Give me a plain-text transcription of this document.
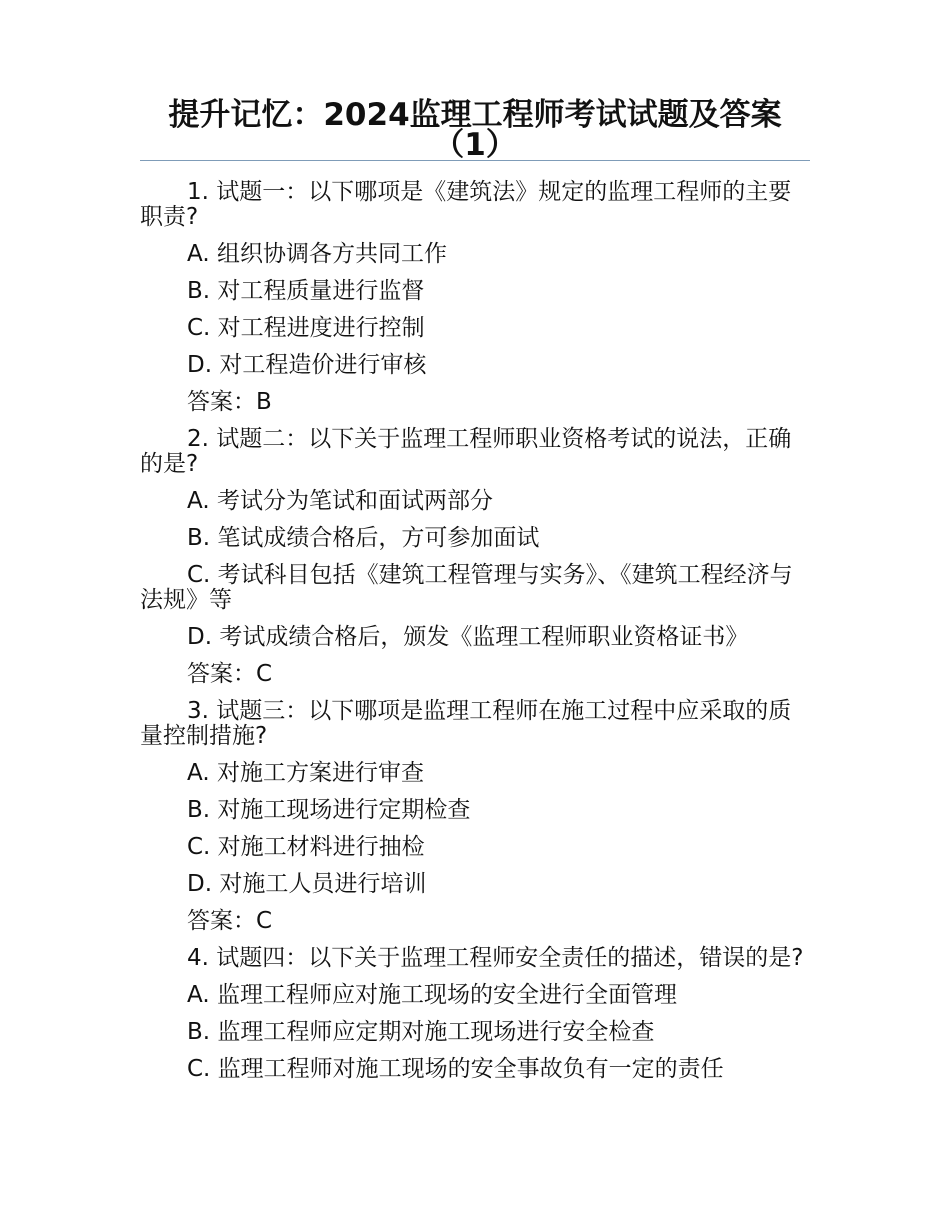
提升记忆：2024监理工程师考试试题及答案（1）

1. 试题一：以下哪项是《建筑法》规定的监理工程师的主要职责?

A. 组织协调各方共同工作

B. 对工程质量进行监督

C. 对工程进度进行控制

D. 对工程造价进行审核

答案：B

2. 试题二：以下关于监理工程师职业资格考试的说法，正确的是?

A. 考试分为笔试和面试两部分

B. 笔试成绩合格后，方可参加面试

C. 考试科目包括《建筑工程管理与实务》、《建筑工程经济与法规》等

D. 考试成绩合格后，颁发《监理工程师职业资格证书》

答案：C

3. 试题三：以下哪项是监理工程师在施工过程中应采取的质量控制措施?

A. 对施工方案进行审查

B. 对施工现场进行定期检查

C. 对施工材料进行抽检

D. 对施工人员进行培训

答案：C

4. 试题四：以下关于监理工程师安全责任的描述，错误的是?

A. 监理工程师应对施工现场的安全进行全面管理

B. 监理工程师应定期对施工现场进行安全检查

C. 监理工程师对施工现场的安全事故负有一定的责任
